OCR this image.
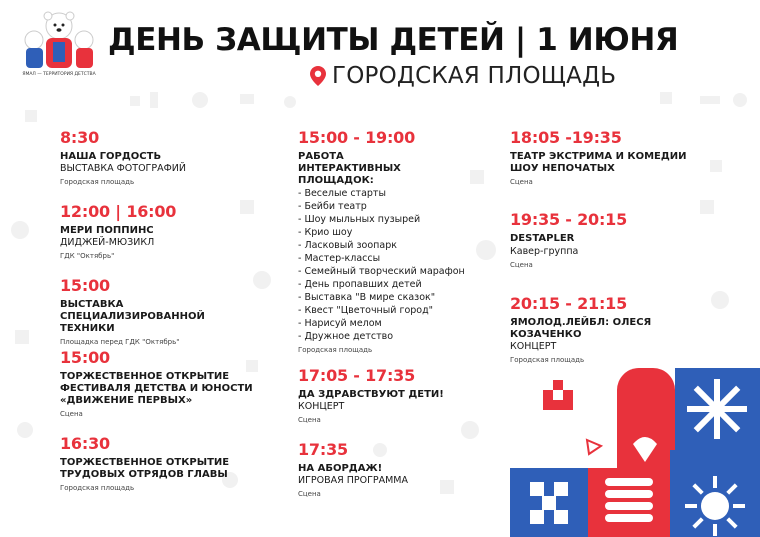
ЯМАЛ — ТЕРРИТОРИЯ ДЕТСТВА
ДЕНЬ ЗАЩИТЫ ДЕТЕЙ | 1 ИЮНЯ
ГОРОДСКАЯ ПЛОЩАДЬ
8:30
НАША ГОРДОСТЬ
ВЫСТАВКА ФОТОГРАФИЙ
Городская площадь
12:00 | 16:00
МЕРИ ПОППИНС
ДИДЖЕЙ-МЮЗИКЛ
ГДК "Октябрь"
15:00
ВЫСТАВКА СПЕЦИАЛИЗИРОВАННОЙ ТЕХНИКИ
Площадка перед ГДК "Октябрь"
15:00
ТОРЖЕСТВЕННОЕ ОТКРЫТИЕ ФЕСТИВАЛЯ ДЕТСТВА И ЮНОСТИ «ДВИЖЕНИЕ ПЕРВЫХ»
Сцена
16:30
ТОРЖЕСТВЕННОЕ ОТКРЫТИЕ ТРУДОВЫХ ОТРЯДОВ ГЛАВЫ
Городская площадь
15:00 - 19:00
РАБОТА ИНТЕРАКТИВНЫХ ПЛОЩАДОК:
- Веселые старты
- Бейби театр
- Шоу мыльных пузырей
- Крио шоу
- Ласковый зоопарк
- Мастер-классы
- Семейный творческий марафон
- День пропавших детей
- Выставка "В мире сказок"
- Квест "Цветочный город"
- Нарисуй мелом
- Дружное детство
Городская площадь
17:05 - 17:35
ДА ЗДРАВСТВУЮТ ДЕТИ!
КОНЦЕРТ
Сцена
17:35
НА АБОРДАЖ!
ИГРОВАЯ ПРОГРАММА
Сцена
18:05 -19:35
ТЕАТР ЭКСТРИМА И КОМЕДИИ ШОУ НЕПОЧАТЫХ
Сцена
19:35 - 20:15
DESTAPLER
Кавер-группа
Сцена
20:15 - 21:15
ЯМОЛОД.ЛЕЙБЛ: ОЛЕСЯ КОЗАЧЕНКО
КОНЦЕРТ
Городская площадь
